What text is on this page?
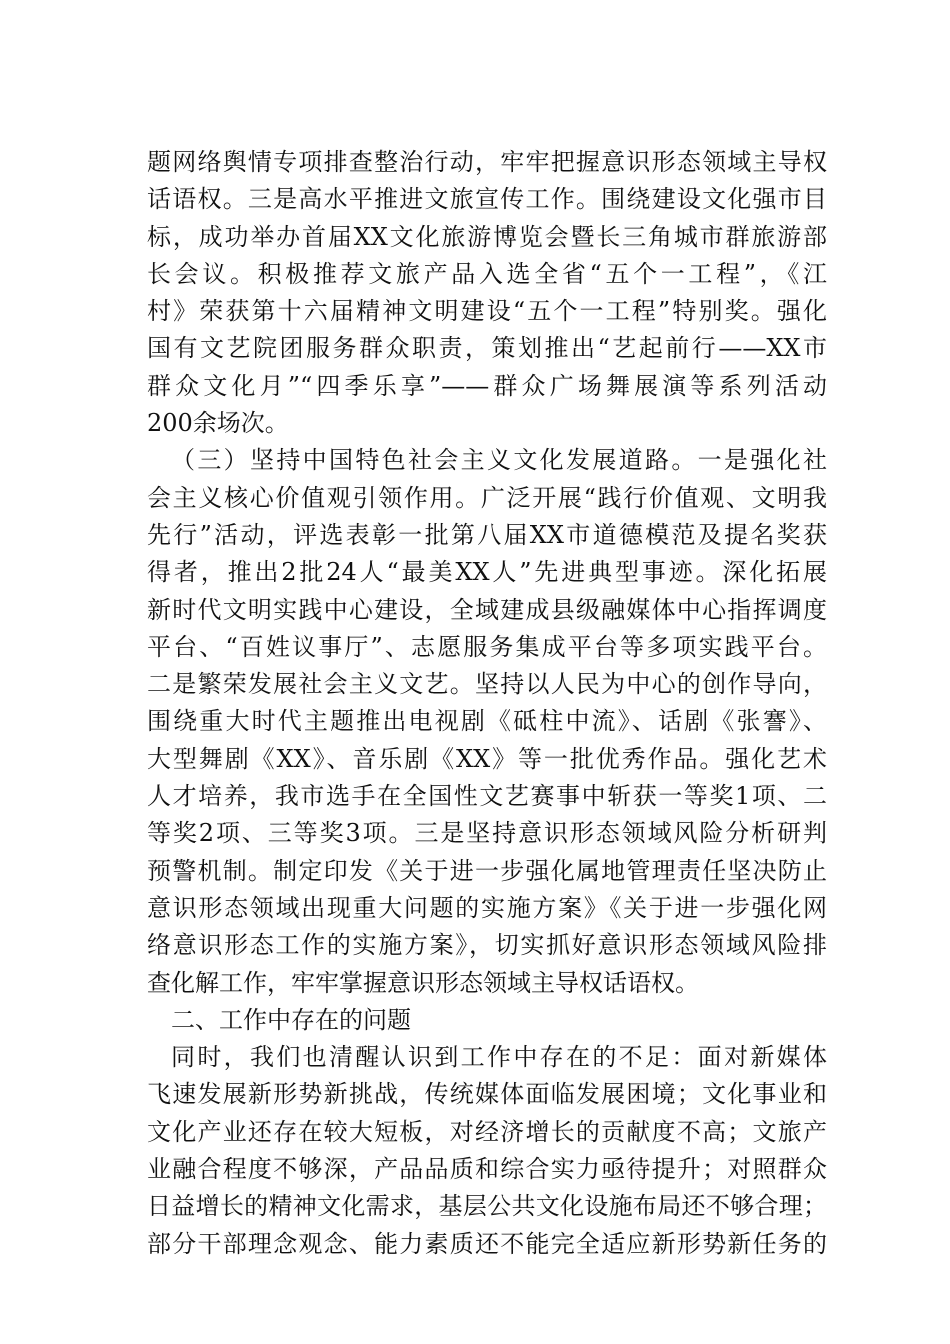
题网络舆情专项排查整治行动，牢牢把握意识形态领域主导权
话语权。三是高水平推进文旅宣传工作。围绕建设文化强市目
标，成功举办首届XX文化旅游博览会暨长三角城市群旅游部
长会议。积极推荐文旅产品入选全省“五个一工程”，《江
村》荣获第十六届精神文明建设“五个一工程”特别奖。强化
国有文艺院团服务群众职责，策划推出“艺起前行——XX市
群众文化月”“四季乐享”——群众广场舞展演等系列活动
200余场次。
（三）坚持中国特色社会主义文化发展道路。一是强化社
会主义核心价值观引领作用。广泛开展“践行价值观、文明我
先行”活动，评选表彰一批第八届XX市道德模范及提名奖获
得者，推出2批24人“最美XX人”先进典型事迹。深化拓展
新时代文明实践中心建设，全域建成县级融媒体中心指挥调度
平台、“百姓议事厅”、志愿服务集成平台等多项实践平台。
二是繁荣发展社会主义文艺。坚持以人民为中心的创作导向，
围绕重大时代主题推出电视剧《砥柱中流》、话剧《张謇》、
大型舞剧《XX》、音乐剧《XX》等一批优秀作品。强化艺术
人才培养，我市选手在全国性文艺赛事中斩获一等奖1项、二
等奖2项、三等奖3项。三是坚持意识形态领域风险分析研判
预警机制。制定印发《关于进一步强化属地管理责任坚决防止
意识形态领域出现重大问题的实施方案》《关于进一步强化网
络意识形态工作的实施方案》，切实抓好意识形态领域风险排
查化解工作，牢牢掌握意识形态领域主导权话语权。
二、工作中存在的问题
同时，我们也清醒认识到工作中存在的不足：面对新媒体
飞速发展新形势新挑战，传统媒体面临发展困境；文化事业和
文化产业还存在较大短板，对经济增长的贡献度不高；文旅产
业融合程度不够深，产品品质和综合实力亟待提升；对照群众
日益增长的精神文化需求，基层公共文化设施布局还不够合理；
部分干部理念观念、能力素质还不能完全适应新形势新任务的
